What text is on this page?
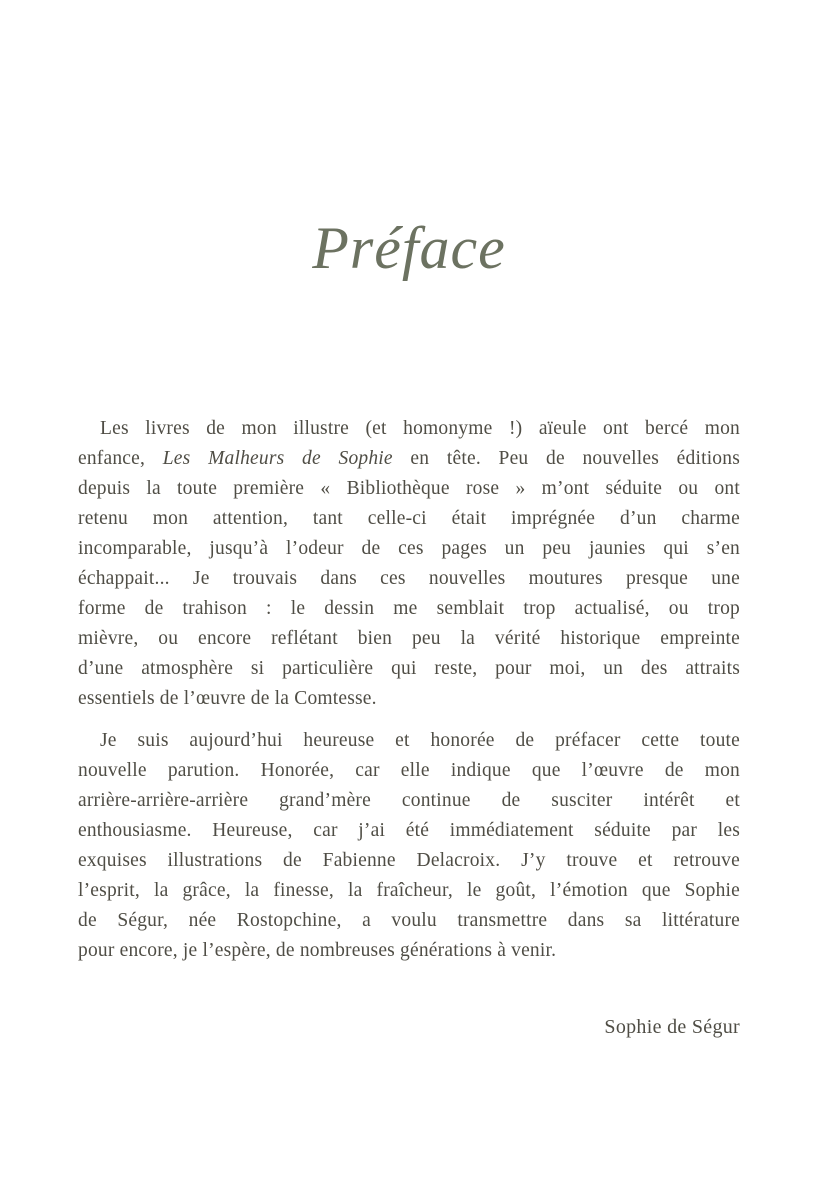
Préface
Les livres de mon illustre (et homonyme !) aïeule ont bercé mon
enfance, Les Malheurs de Sophie en tête. Peu de nouvelles éditions
depuis la toute première « Bibliothèque rose » m’ont séduite ou ont
retenu mon attention, tant celle-ci était imprégnée d’un charme
incomparable, jusqu’à l’odeur de ces pages un peu jaunies qui s’en
échappait... Je trouvais dans ces nouvelles moutures presque une
forme de trahison : le dessin me semblait trop actualisé, ou trop
mièvre, ou encore reflétant bien peu la vérité historique empreinte
d’une atmosphère si particulière qui reste, pour moi, un des attraits
essentiels de l’œuvre de la Comtesse.
Je suis aujourd’hui heureuse et honorée de préfacer cette toute
nouvelle parution. Honorée, car elle indique que l’œuvre de mon
arrière-arrière-arrière grand’mère continue de susciter intérêt et
enthousiasme. Heureuse, car j’ai été immédiatement séduite par les
exquises illustrations de Fabienne Delacroix. J’y trouve et retrouve
l’esprit, la grâce, la finesse, la fraîcheur, le goût, l’émotion que Sophie
de Ségur, née Rostopchine, a voulu transmettre dans sa littérature
pour encore, je l’espère, de nombreuses générations à venir.
Sophie de Ségur
